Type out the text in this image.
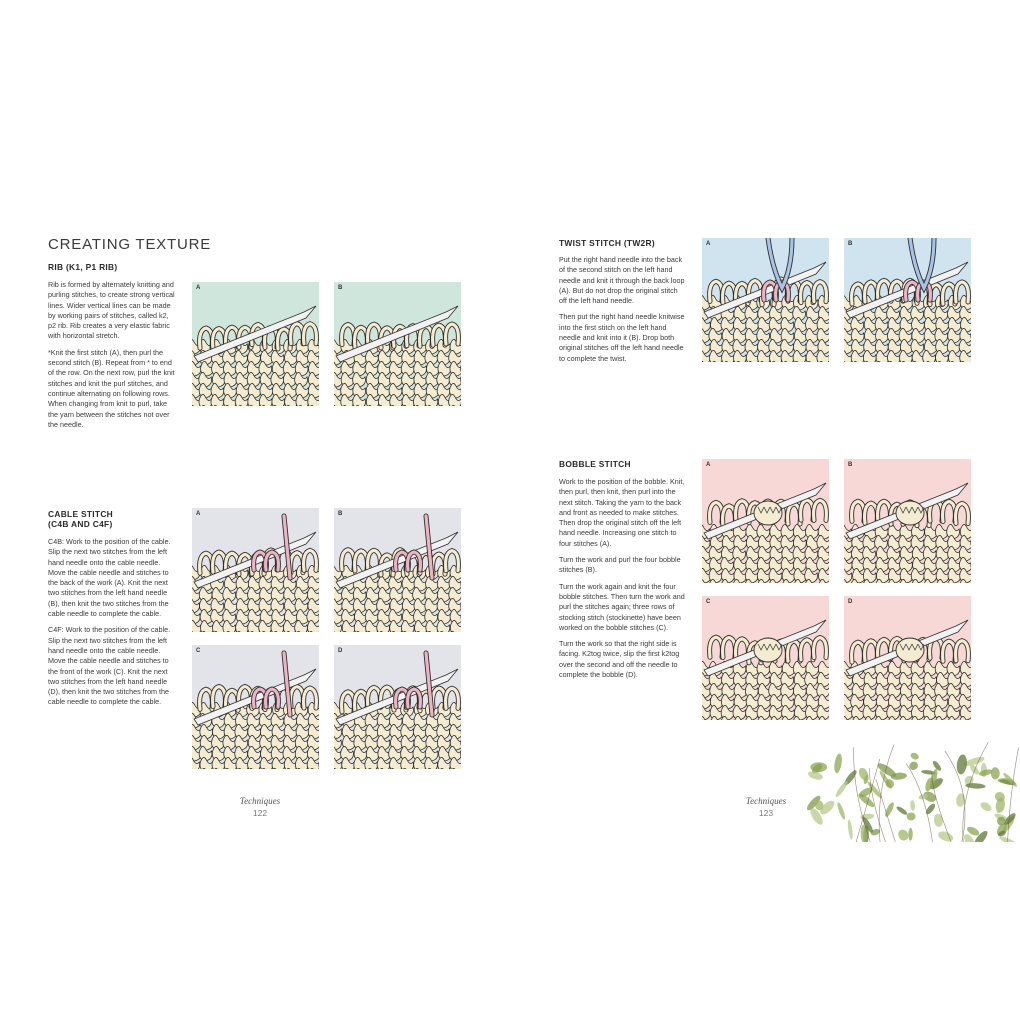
CREATING TEXTURE
RIB (K1, P1 RIB)

Rib is formed by alternately knitting and purling stitches, to create strong vertical lines. Wider vertical lines can be made by working pairs of stitches, called k2, p2 rib. Rib creates a very elastic fabric with horizontal stretch.

*Knit the first stitch (A), then purl the second stitch (B). Repeat from * to end of the row. On the next row, purl the knit stitches and knit the purl stitches, and continue alternating on following rows. When changing from knit to purl, take the yarn between the stitches not over the needle.

A	B
CABLE STITCH
(C4B AND C4F)

C4B: Work to the position of the cable. Slip the next two stitches from the left hand needle onto the cable needle. Move the cable needle and stitches to the back of the work (A). Knit the next two stitches from the left hand needle (B), then knit the two stitches from the cable needle to complete the cable.

C4F: Work to the position of the cable. Slip the next two stitches from the left hand needle onto the cable needle. Move the cable needle and stitches to the front of the work (C). Knit the next two stitches from the left hand needle (D), then knit the two stitches from the cable needle to complete the cable.

A	B
C	D
Techniques
122
TWIST STITCH (TW2R)

Put the right hand needle into the back of the second stitch on the left hand needle and knit it through the back loop (A). But do not drop the original stitch off the left hand needle.

Then put the right hand needle knitwise into the first stitch on the left hand needle and knit into it (B). Drop both original stitches off the left hand needle to complete the twist.

A	B
BOBBLE STITCH

Work to the position of the bobble. Knit, then purl, then knit, then purl into the next stitch. Taking the yarn to the back and front as needed to make stitches. Then drop the original stitch off the left hand needle. Increasing one stitch to four stitches (A).

Turn the work and purl the four bobble stitches (B).

Turn the work again and knit the four bobble stitches. Then turn the work and purl the stitches again; three rows of stocking stitch (stockinette) have been worked on the bobble stitches (C).

Turn the work so that the right side is facing. K2tog twice, slip the first k2tog over the second and off the needle to complete the bobble (D).

A	B
C	D
Techniques
123
